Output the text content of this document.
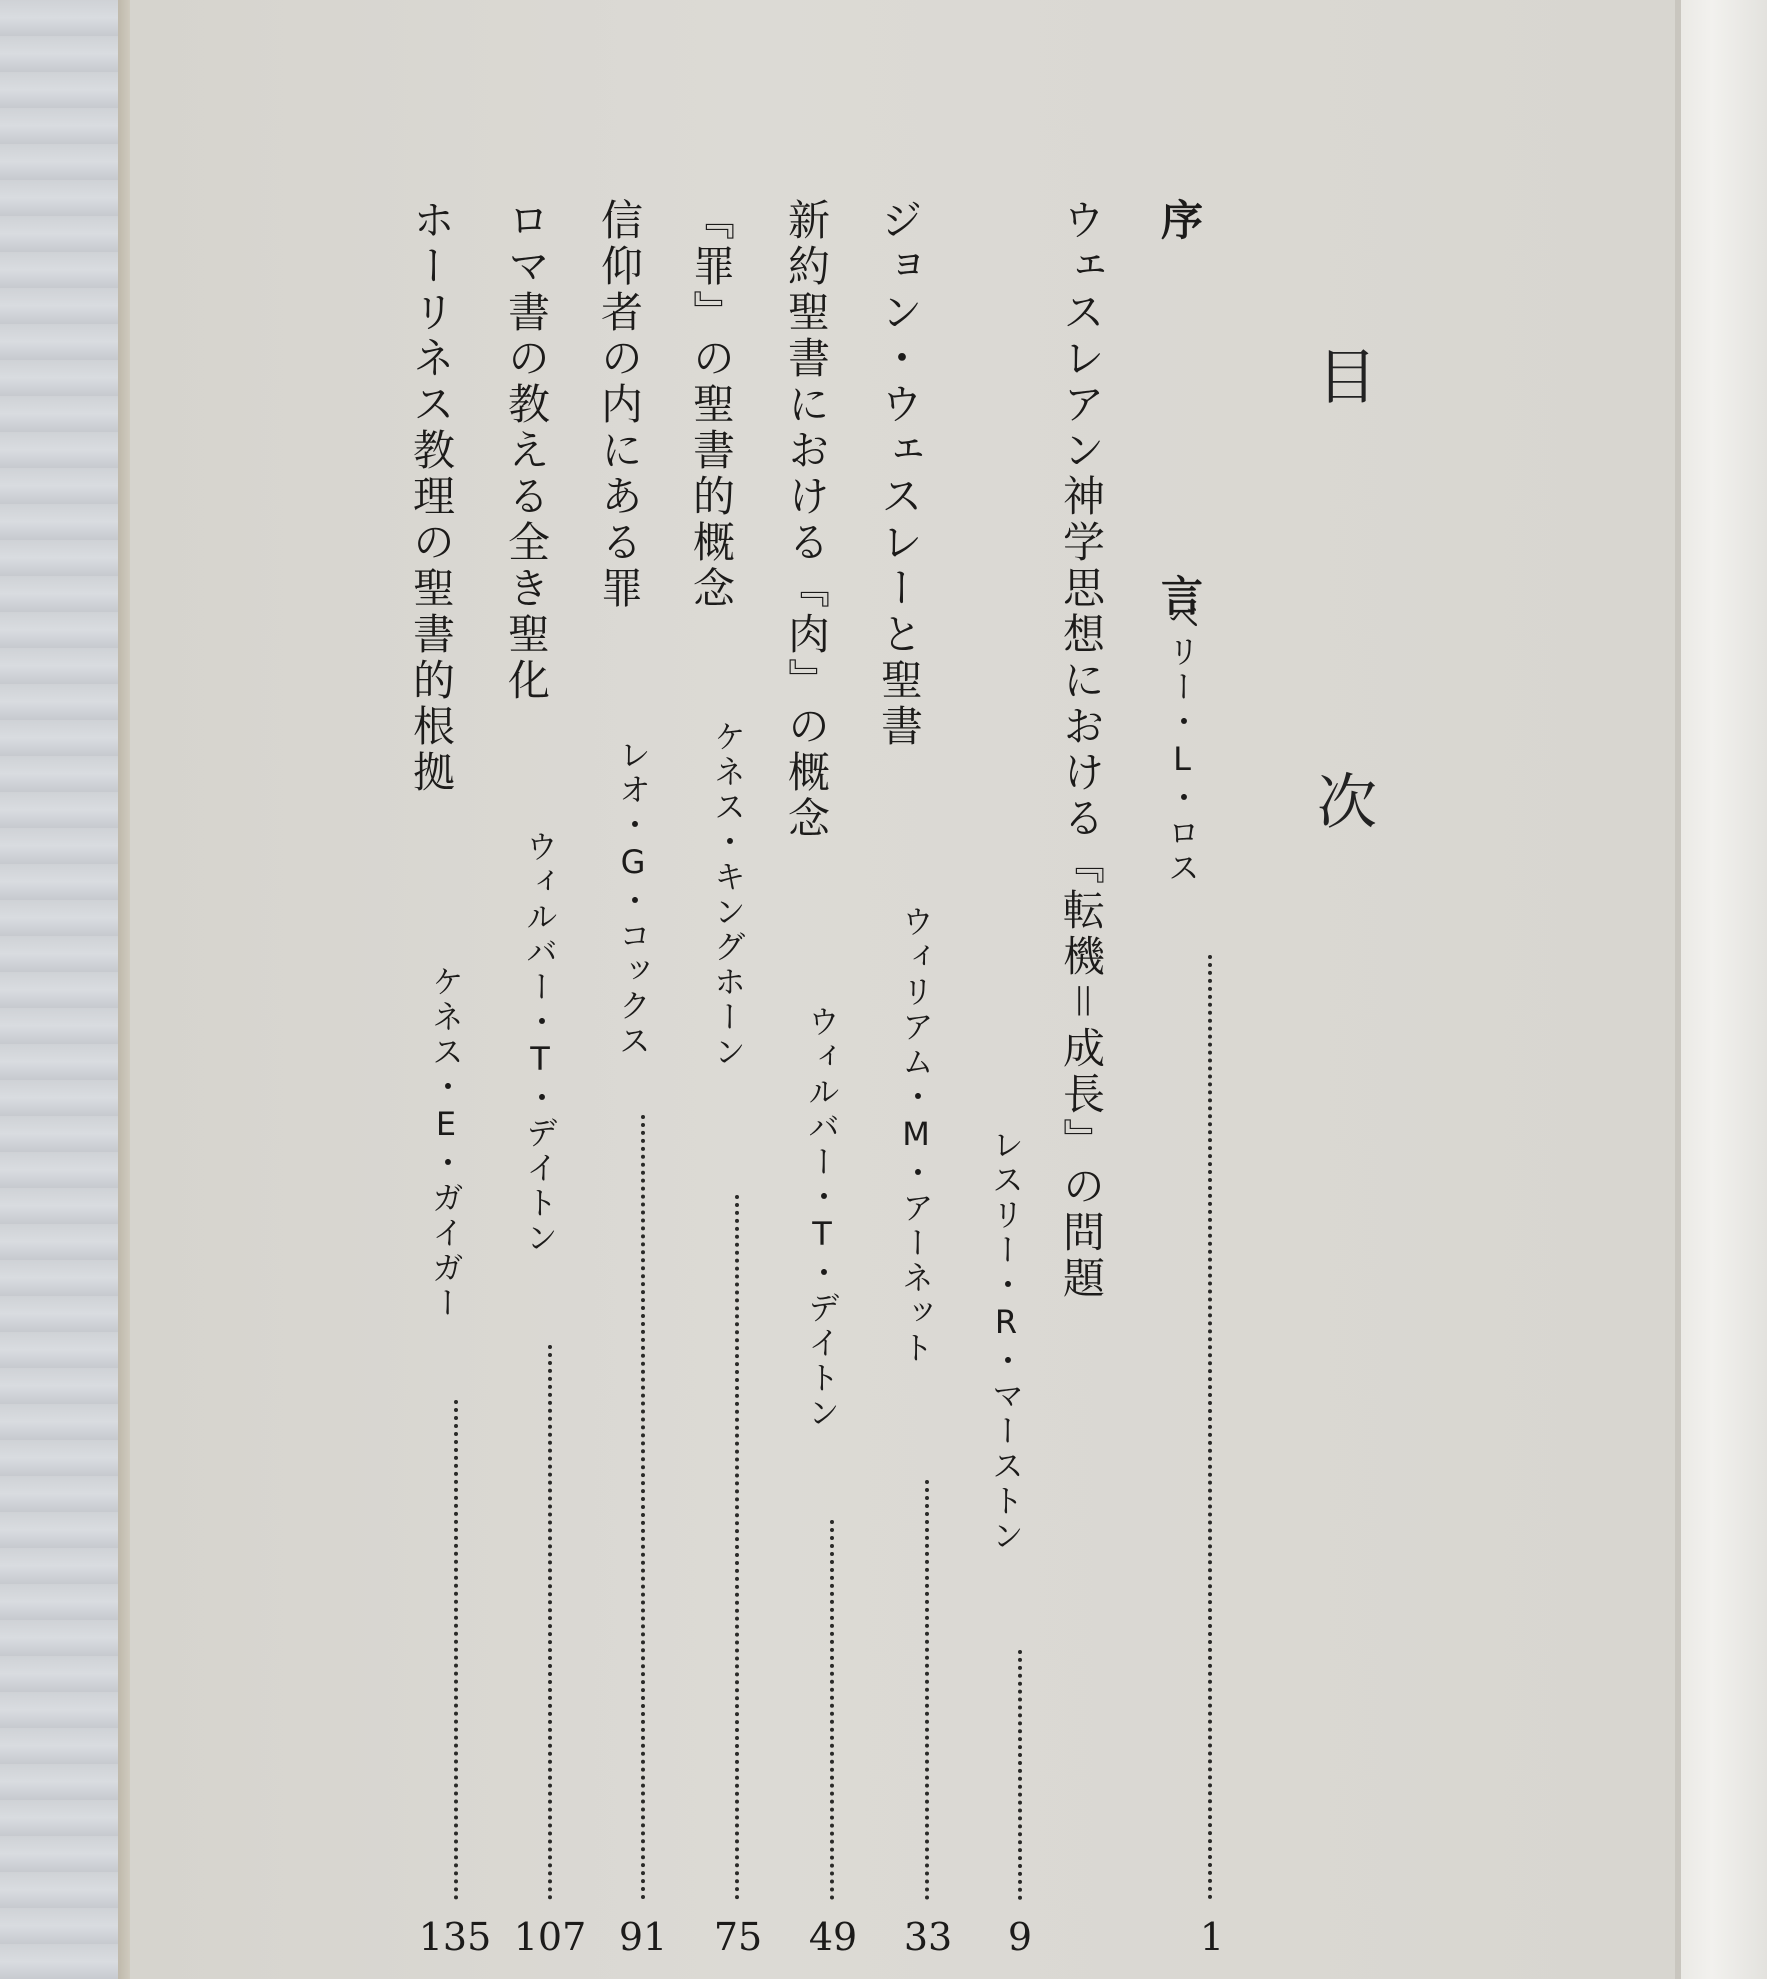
目
次
序　　　言
ベリー・L・ロス
1
ウェスレアン神学思想における『転機＝成長』の問題
レスリー・R・マーストン
9
ジョン・ウェスレーと聖書
ウィリアム・M・アーネット
33
新約聖書における『肉』の概念
ウィルバー・T・デイトン
49
『罪』の聖書的概念
ケネス・キングホーン
75
信仰者の内にある罪
レオ・G・コックス
91
ロマ書の教える全き聖化
ウィルバー・T・デイトン
107
ホーリネス教理の聖書的根拠
ケネス・E・ガイガー
135
